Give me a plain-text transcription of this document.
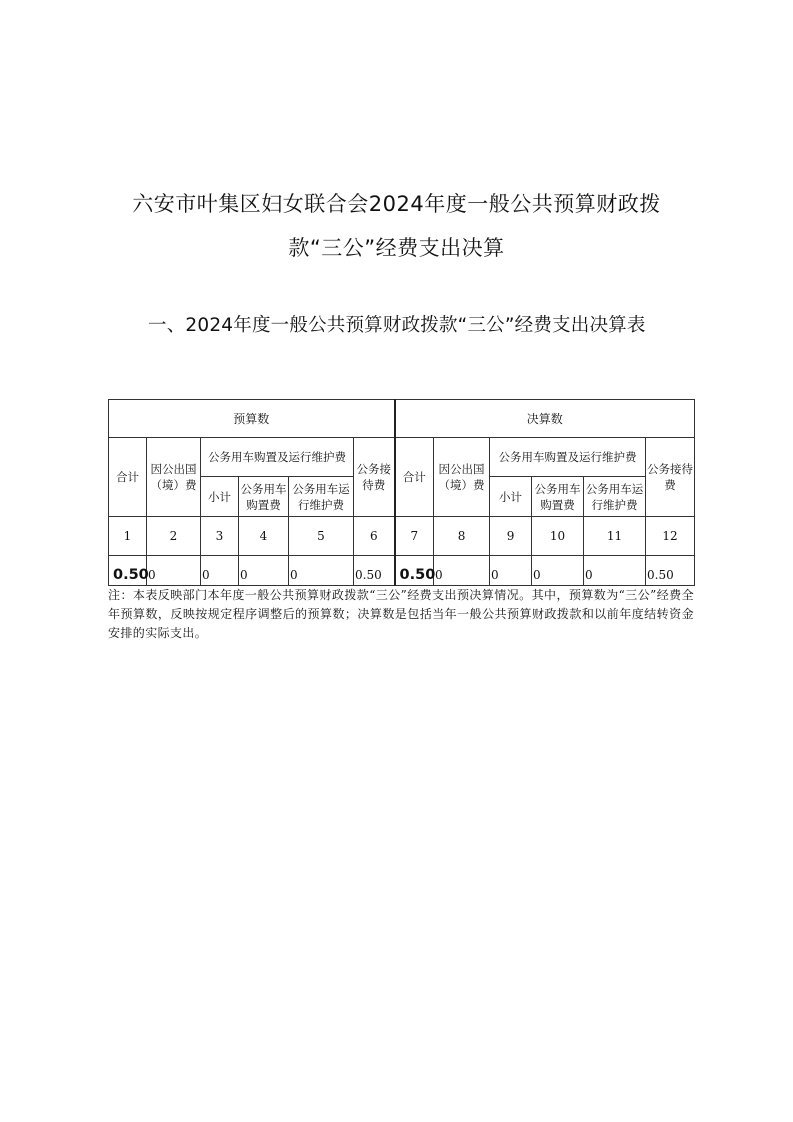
六安市叶集区妇女联合会2024年度一般公共预算财政拨
款“三公”经费支出决算
一、2024年度一般公共预算财政拨款“三公”经费支出决算表
预算数						决算数					
合计	因公出国（境）费	公务用车购置及运行维护费			公务接待费	合计	因公出国（境）费	公务用车购置及运行维护费			公务接待费
		小计	公务用车购置费	公务用车运行维护费				小计	公务用车购置费	公务用车运行维护费	
1	2	3	4	5	6	7	8	9	10	11	12
0.50	0	0	0	0	0.50	0.50	0	0	0	0	0.50
注：本表反映部门本年度一般公共预算财政拨款“三公”经费支出预决算情况。其中，预算数为“三公”经费全年预算数，反映按规定程序调整后的预算数；决算数是包括当年一般公共预算财政拨款和以前年度结转资金安排的实际支出。
